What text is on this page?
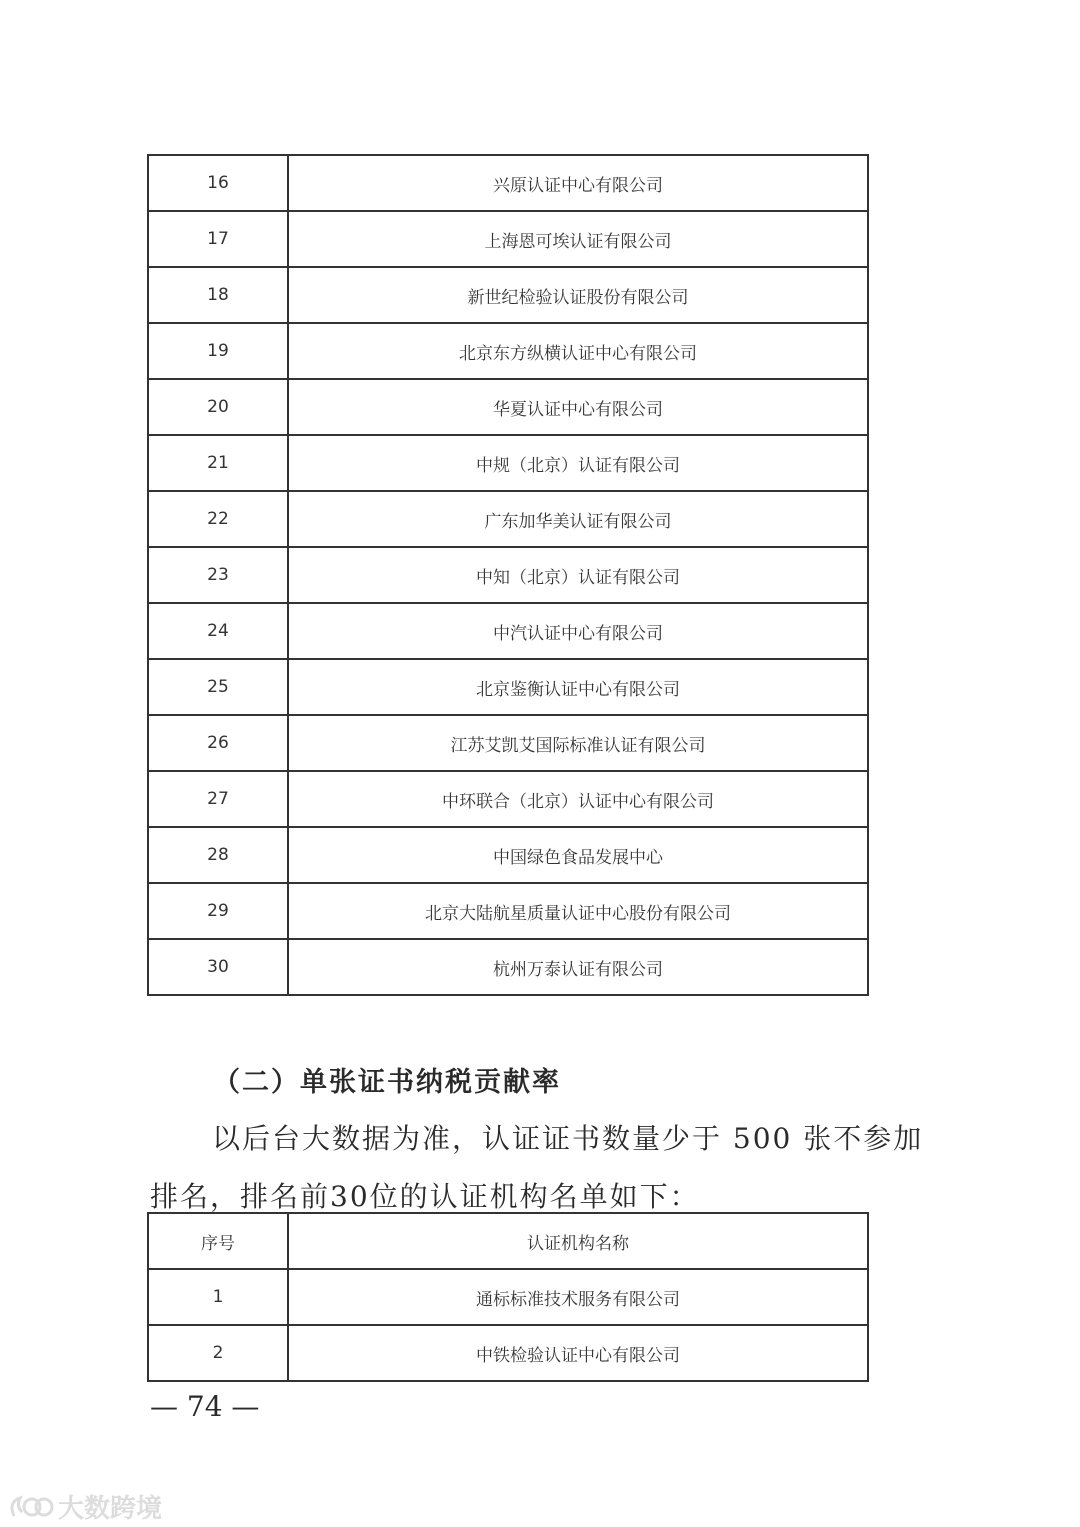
16	兴原认证中心有限公司
17	上海恩可埃认证有限公司
18	新世纪检验认证股份有限公司
19	北京东方纵横认证中心有限公司
20	华夏认证中心有限公司
21	中规（北京）认证有限公司
22	广东加华美认证有限公司
23	中知（北京）认证有限公司
24	中汽认证中心有限公司
25	北京鉴衡认证中心有限公司
26	江苏艾凯艾国际标准认证有限公司
27	中环联合（北京）认证中心有限公司
28	中国绿色食品发展中心
29	北京大陆航星质量认证中心股份有限公司
30	杭州万泰认证有限公司
（二）单张证书纳税贡献率
以后台大数据为准，认证证书数量少于 500 张不参加排名，排名前30位的认证机构名单如下：
序号	认证机构名称
1	通标标准技术服务有限公司
2	中铁检验认证中心有限公司
— 74 —
大数跨境
